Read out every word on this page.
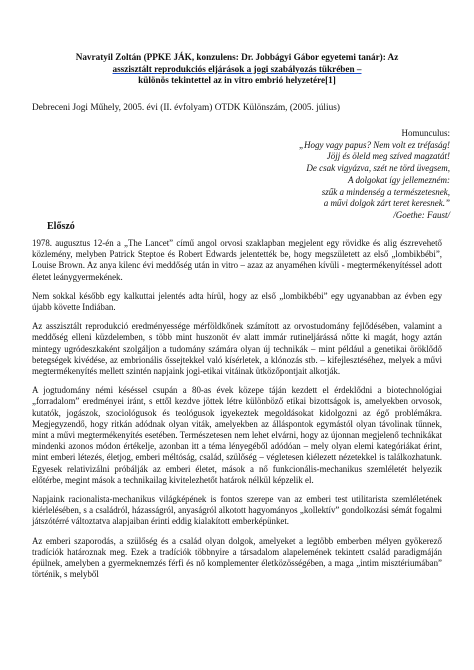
Navratyil Zoltán (PPKE JÁK, konzulens: Dr. Jobbágyi Gábor egyetemi tanár): Az
asszisztált reprodukciós eljárások a jogi szabályozás tükrében –
különös tekintettel az in vitro embrió helyzetére[1]
Debreceni Jogi Műhely, 2005. évi (II. évfolyam) OTDK Különszám, (2005. július)
Homunculus:
„Hogy vagy papus? Nem volt ez tréfaság!
Jöjj és öleld meg szíved magzatát!
De csak vigyázva, szét ne törd üvegsem,
A dolgokat így jellemezném:
szűk a mindenség a természetesnek,
a művi dolgok zárt teret keresnek.”
/Goethe: Faust/
Előszó

1978. augusztus 12-én a „The Lancet” című angol orvosi szaklapban megjelent egy rövidke és alig észrevehető közlemény, melyben Patrick Steptoe és Robert Edwards jelentették be, hogy megszületett az első „lombikbébi”, Louise Brown. Az anya kilenc évi meddőség után in vitro – azaz az anyaméhen kívüli - megtermékenyítéssel adott életet leánygyermekének.

Nem sokkal később egy kalkuttai jelentés adta hírül, hogy az első „lombikbébi” egy ugyanabban az évben egy újabb követte Indiában.

Az asszisztált reprodukció eredményessége mérföldkőnek számított az orvostudomány fejlődésében, valamint a meddőség elleni küzdelemben, s több mint huszonöt év alatt immár rutineljárássá nőtte ki magát, hogy aztán mintegy ugródeszkaként szolgáljon a tudomány számára olyan új technikák – mint például a genetikai öröklődő betegségek kivédése, az embrionális őssejtekkel való kísérletek, a klónozás stb. – kifejlesztéséhez, melyek a művi megtermékenyítés mellett szintén napjaink jogi-etikai vitáinak ütközőpontjait alkotják.

A jogtudomány némi késéssel csupán a 80-as évek közepe táján kezdett el érdeklődni a biotechnológiai „forradalom” eredményei iránt, s ettől kezdve jöttek létre különböző etikai bizottságok is, amelyekben orvosok, kutatók, jogászok, szociológusok és teológusok igyekeztek megoldásokat kidolgozni az égő problémákra. Megjegyzendő, hogy ritkán adódnak olyan viták, amelyekben az álláspontok egymástól olyan távolinak tűnnek, mint a művi megtermékenyítés esetében. Természetesen nem lehet elvárni, hogy az újonnan megjelenő technikákat mindenki azonos módon értékelje, azonban itt a téma lényegéből adódóan – mely olyan elemi kategóriákat érint, mint emberi létezés, életjog, emberi méltóság, család, szülőség – végletesen kiélezett nézetekkel is találkozhatunk. Egyesek relativizálni próbálják az emberi életet, mások a nő funkcionális-mechanikus szemléletét helyezik előtérbe, megint mások a technikailag kivitelezhetőt határok nélkül képzelik el.

Napjaink racionalista-mechanikus világképének is fontos szerepe van az emberi test utilitarista szemléletének kiérlelésében, s a családról, házasságról, anyaságról alkotott hagyományos „kollektív” gondolkozási sémát fogalmi játszótérré változtatva alapjaiban érinti eddig kialakított emberképünket.

Az emberi szaporodás, a szülőség és a család olyan dolgok, amelyeket a legtöbb emberben mélyen gyökerező tradíciók határoznak meg. Ezek a tradíciók többnyire a társadalom alapelemének tekintett család paradigmáján épülnek, amelyben a gyermeknemzés férfi és nő komplementer életközösségében, a maga „intim misztériumában” történik, s melyből
